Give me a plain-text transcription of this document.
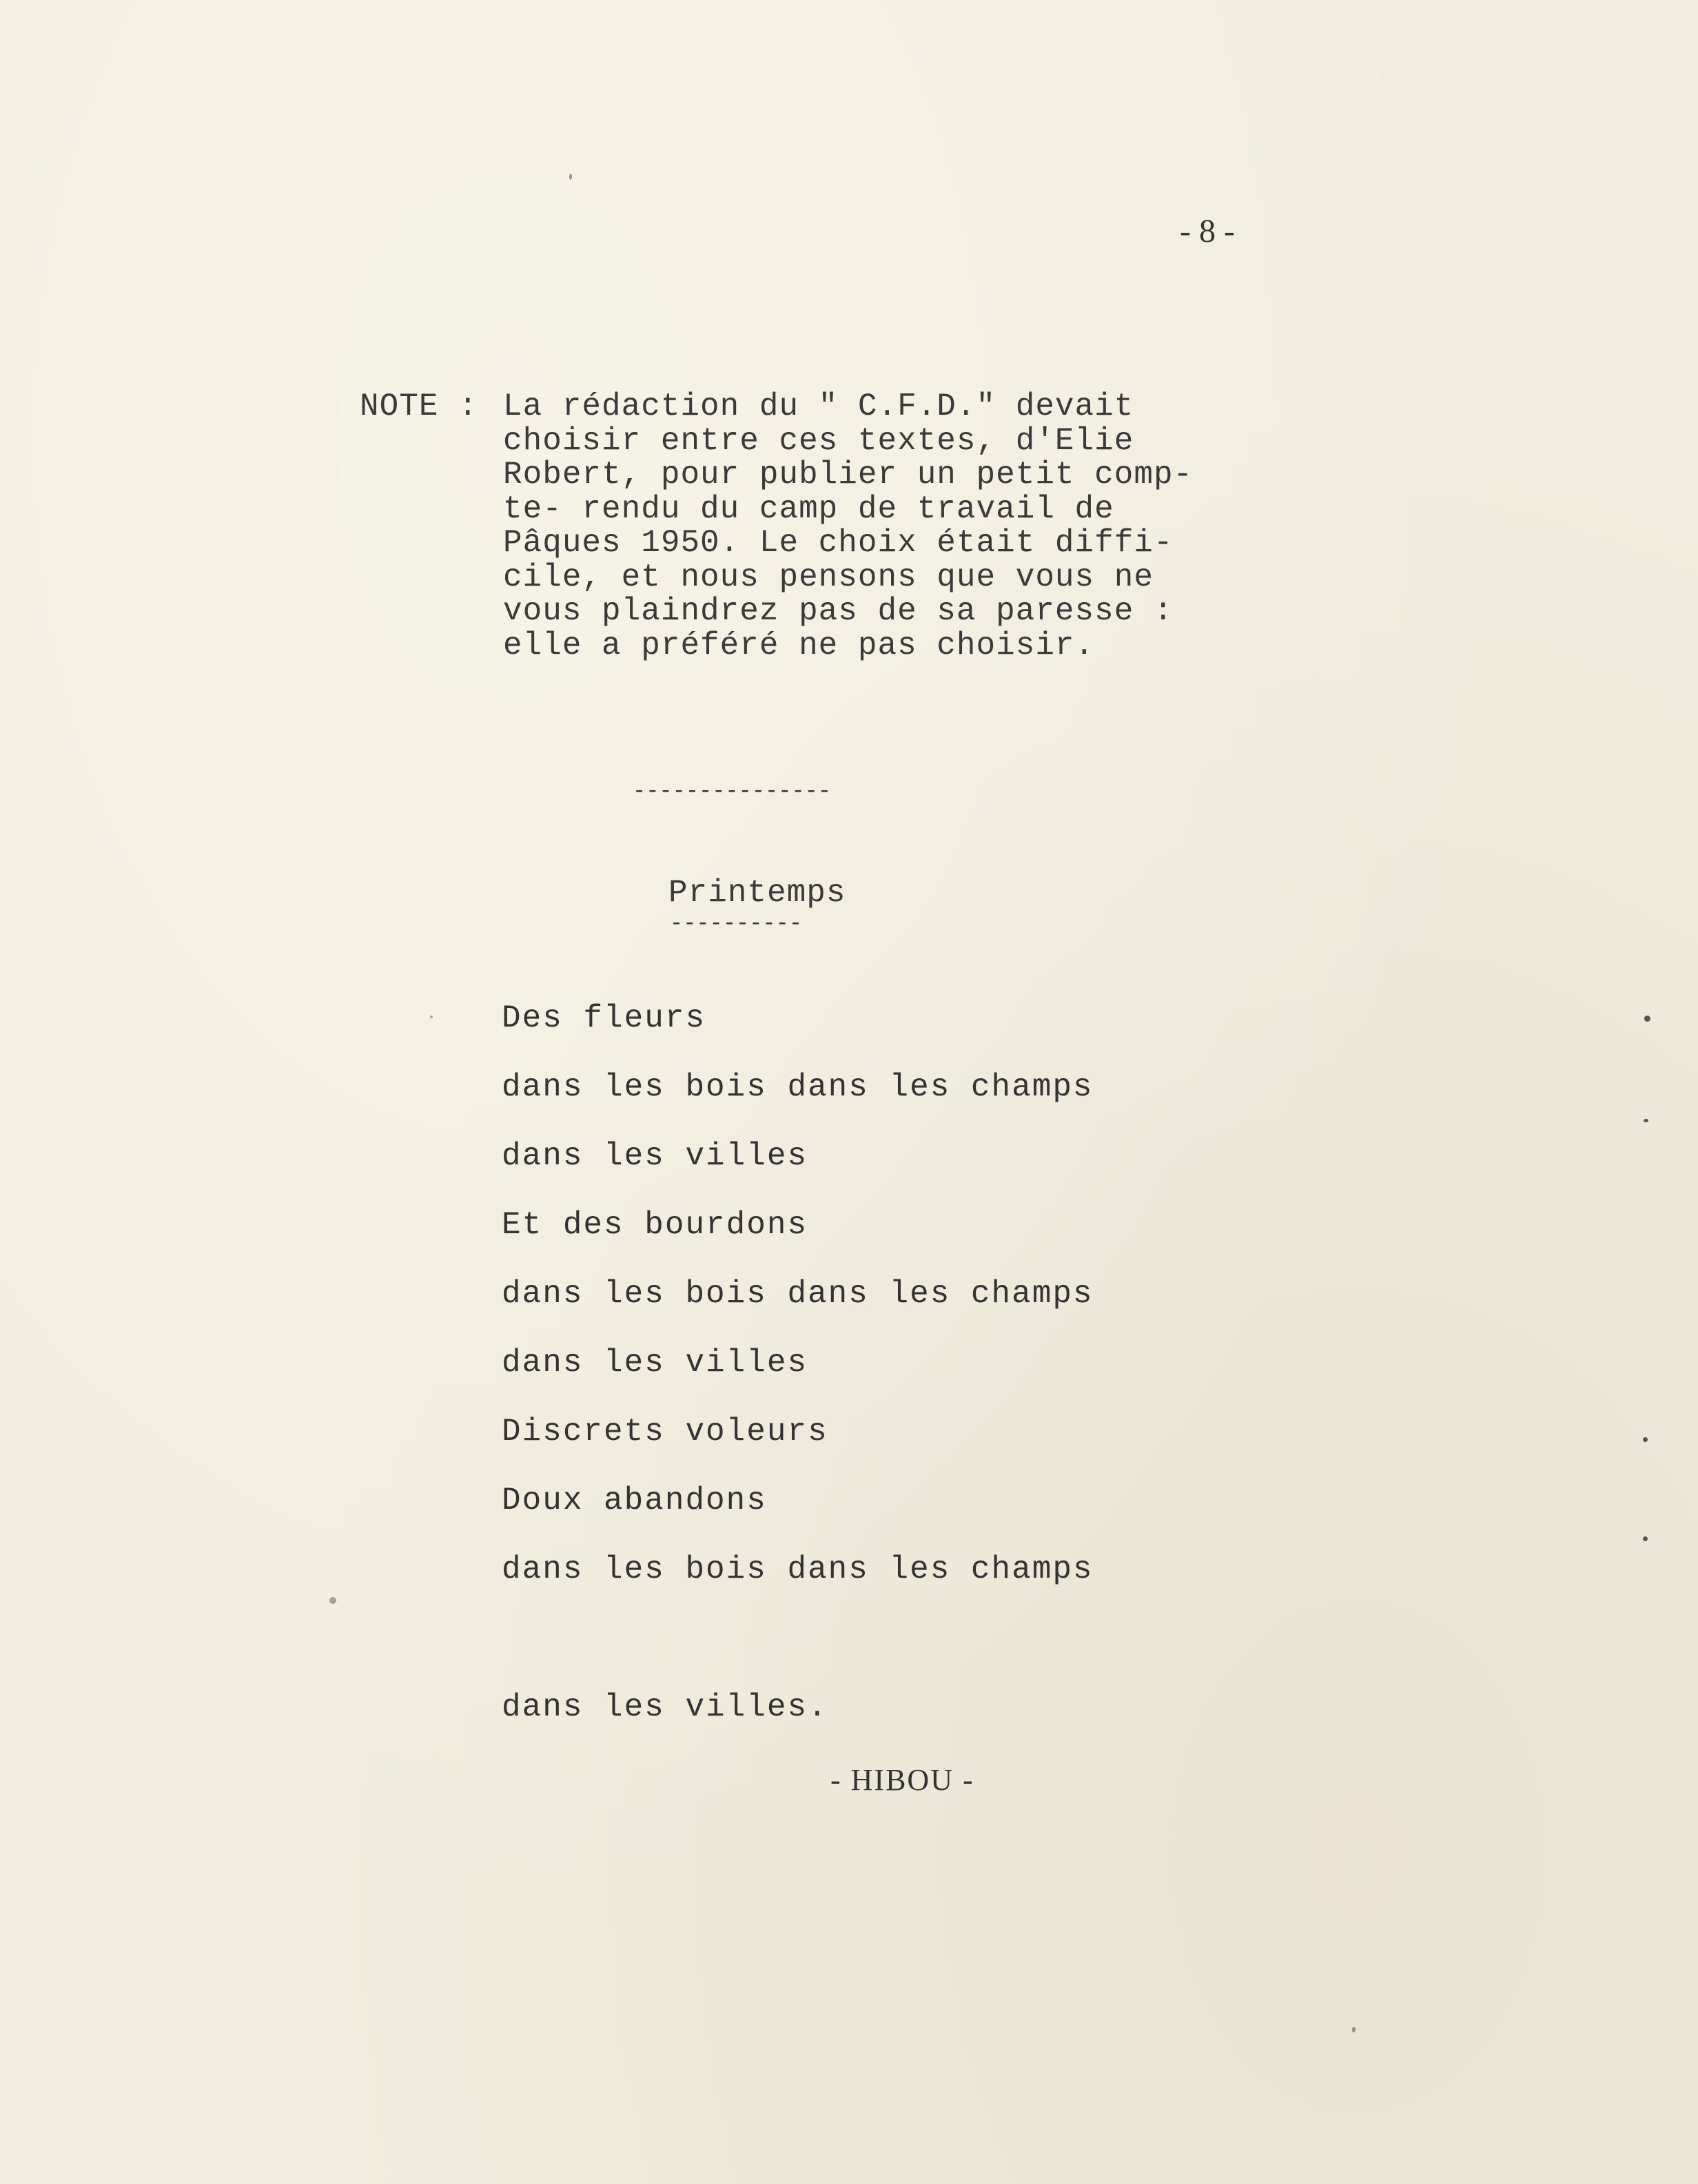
- 8 -
NOTE : La rédaction du " C.F.D." devait
choisir entre ces textes, d'Elie
Robert, pour publier un petit comp-
te- rendu du camp de travail de
Pâques 1950. Le choix était diffi-
cile, et nous pensons que vous ne
vous plaindrez pas de sa paresse :
elle a préféré ne pas choisir.
---------------
Printemps
----------
Des fleurs
dans les bois dans les champs
dans les villes
Et des bourdons
dans les bois dans les champs
dans les villes
Discrets voleurs
Doux abandons
dans les bois dans les champs
dans les villes.
- HIBOU -
